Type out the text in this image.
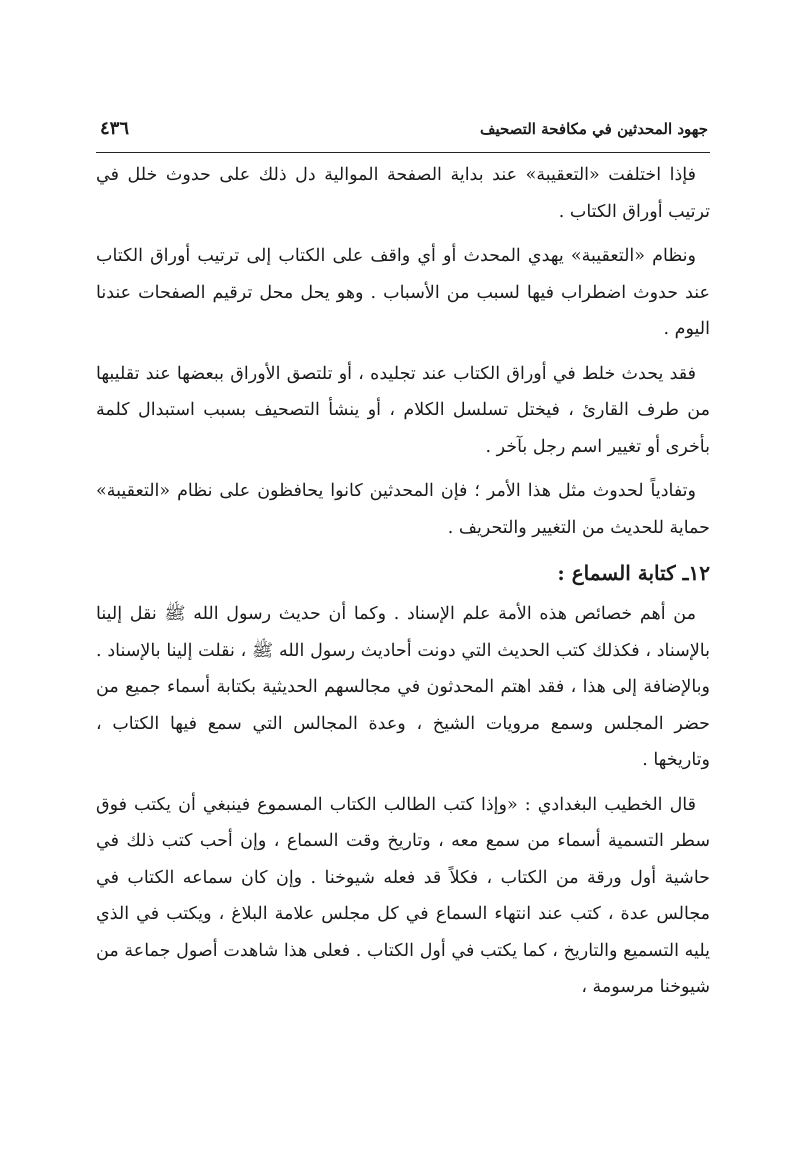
جهود المحدثين في مكافحة التصحيف
٤٣٦

فإذا اختلفت «التعقيبة» عند بداية الصفحة الموالية دل ذلك على حدوث خلل في ترتيب أوراق الكتاب .

ونظام «التعقيبة» يهدي المحدث أو أي واقف على الكتاب إلى ترتيب أوراق الكتاب عند حدوث اضطراب فيها لسبب من الأسباب . وهو يحل محل ترقيم الصفحات عندنا اليوم .

فقد يحدث خلط في أوراق الكتاب عند تجليده ، أو تلتصق الأوراق ببعضها عند تقليبها من طرف القارئ ، فيختل تسلسل الكلام ، أو ينشأ التصحيف بسبب استبدال كلمة بأخرى أو تغيير اسم رجل بآخر .

وتفادياً لحدوث مثل هذا الأمر ؛ فإن المحدثين كانوا يحافظون على نظام «التعقيبة» حماية للحديث من التغيير والتحريف .

١٢ـ كتابة السماع :

من أهم خصائص هذه الأمة علم الإسناد . وكما أن حديث رسول الله ﷺ نقل إلينا بالإسناد ، فكذلك كتب الحديث التي دونت أحاديث رسول الله ﷺ ، نقلت إلينا بالإسناد . وبالإضافة إلى هذا ، فقد اهتم المحدثون في مجالسهم الحديثية بكتابة أسماء جميع من حضر المجلس وسمع مرويات الشيخ ، وعدة المجالس التي سمع فيها الكتاب ، وتاريخها .

قال الخطيب البغدادي : «وإذا كتب الطالب الكتاب المسموع فينبغي أن يكتب فوق سطر التسمية أسماء من سمع معه ، وتاريخ وقت السماع ، وإن أحب كتب ذلك في حاشية أول ورقة من الكتاب ، فكلاً قد فعله شيوخنا . وإن كان سماعه الكتاب في مجالس عدة ، كتب عند انتهاء السماع في كل مجلس علامة البلاغ ، ويكتب في الذي يليه التسميع والتاريخ ، كما يكتب في أول الكتاب . فعلى هذا شاهدت أصول جماعة من شيوخنا مرسومة ،
